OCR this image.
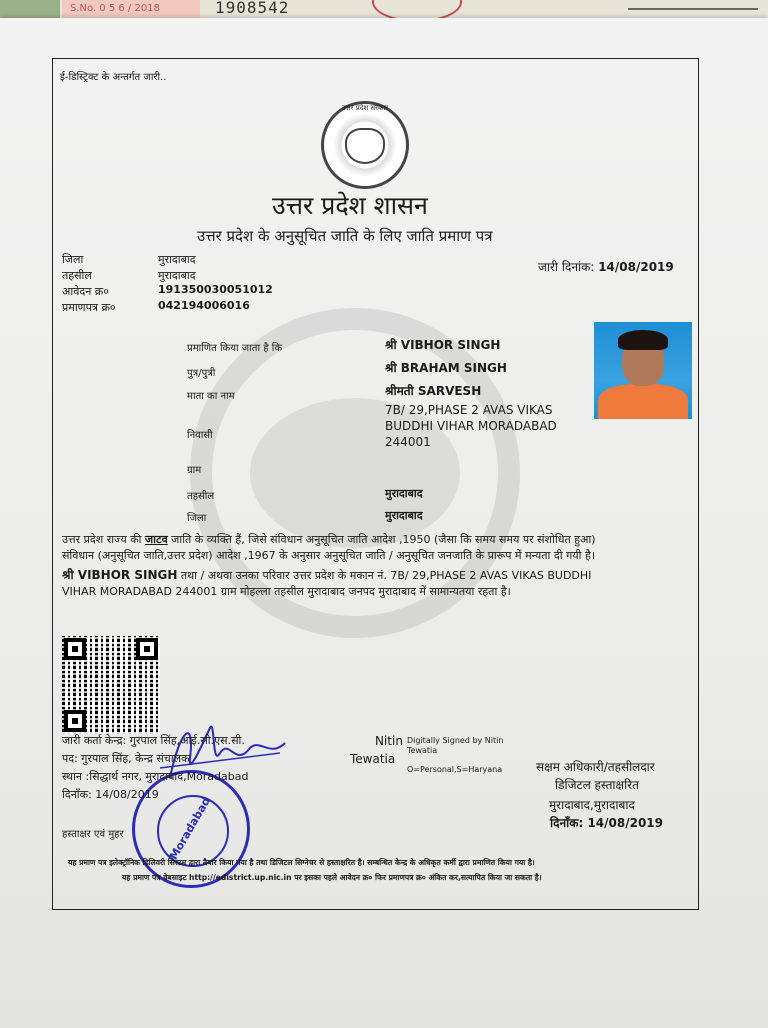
S.No. 0 5 6 / 2018	1908542
ई-डिस्ट्रिक्ट के अन्तर्गत जारी..
उत्तर प्रदेश सरकार
उत्तर प्रदेश शासन
उत्तर प्रदेश के अनुसूचित जाति के लिए जाति प्रमाण पत्र
जिला	मुरादाबाद
तहसील	मुरादाबाद
आवेदन क्र०	191350030051012
प्रमाणपत्र क्र०	042194006016
जारी दिनांक: 14/08/2019
प्रमाणित किया जाता है कि	श्री VIBHOR SINGH
पुत्र/पुत्री	श्री BRAHAM SINGH
माता का नाम	श्रीमती SARVESH
निवासी
7B/ 29,PHASE 2 AVAS VIKAS
BUDDHI VIHAR MORADABAD
244001
ग्राम
तहसील	मुरादाबाद
जिला	मुरादाबाद
उत्तर प्रदेश राज्य की जाटव जाति के व्यक्ति हैं, जिसे संविधान अनुसूचित जाति आदेश ,1950 (जैसा कि समय समय पर संशोधित हुआ)
संविधान (अनुसूचित जाति,उत्तर प्रदेश) आदेश ,1967 के अनुसार अनुसूचित जाति / अनुसूचित जनजाति के प्रारूप में मन्यता दी गयी है।
श्री VIBHOR SINGH तथा / अथवा उनका परिवार उत्तर प्रदेश के मकान नं. 7B/ 29,PHASE 2 AVAS VIKAS BUDDHI
VIHAR MORADABAD 244001 ग्राम मोहल्ला तहसील मुरादाबाद जनपद मुरादाबाद में सामान्यतया रहता है।
Moradabad
जारी कर्ता केन्द्र: गुरपाल सिंह,आई.सी.एस.सी.
पद: गुरपाल सिंह, केन्द्र संचालक
स्थान :सिद्धार्थ नगर, मुरादाबाद,Moradabad
दिनाँक: 14/08/2019
हस्ताक्षर एवं मुहर
Nitin
Tewatia
Digitally Signed by Nitin
Tewatia
O=Personal,S=Haryana	सक्षम अधिकारी/तहसीलदार
डिजिटल हस्ताक्षरित
मुरादाबाद,मुरादाबाद
दिनाँक: 14/08/2019
यह प्रमाण पत्र इलेक्ट्रॉनिक डिलिवरी सिस्टम द्वारा तैयार किया गया है तथा डिजिटल सिग्नेचर से हस्ताक्षरित है। सम्बन्धित केन्द्र के अधिकृत कर्मी द्वारा प्रमाणित किया गया है।
यह प्रमाण पत्र वेबसाइट http://edistrict.up.nic.in पर इसका पहले आवेदन क्र० फिर प्रमाणपत्र क्र० अंकित कर,सत्यापित किया जा सकता है।
